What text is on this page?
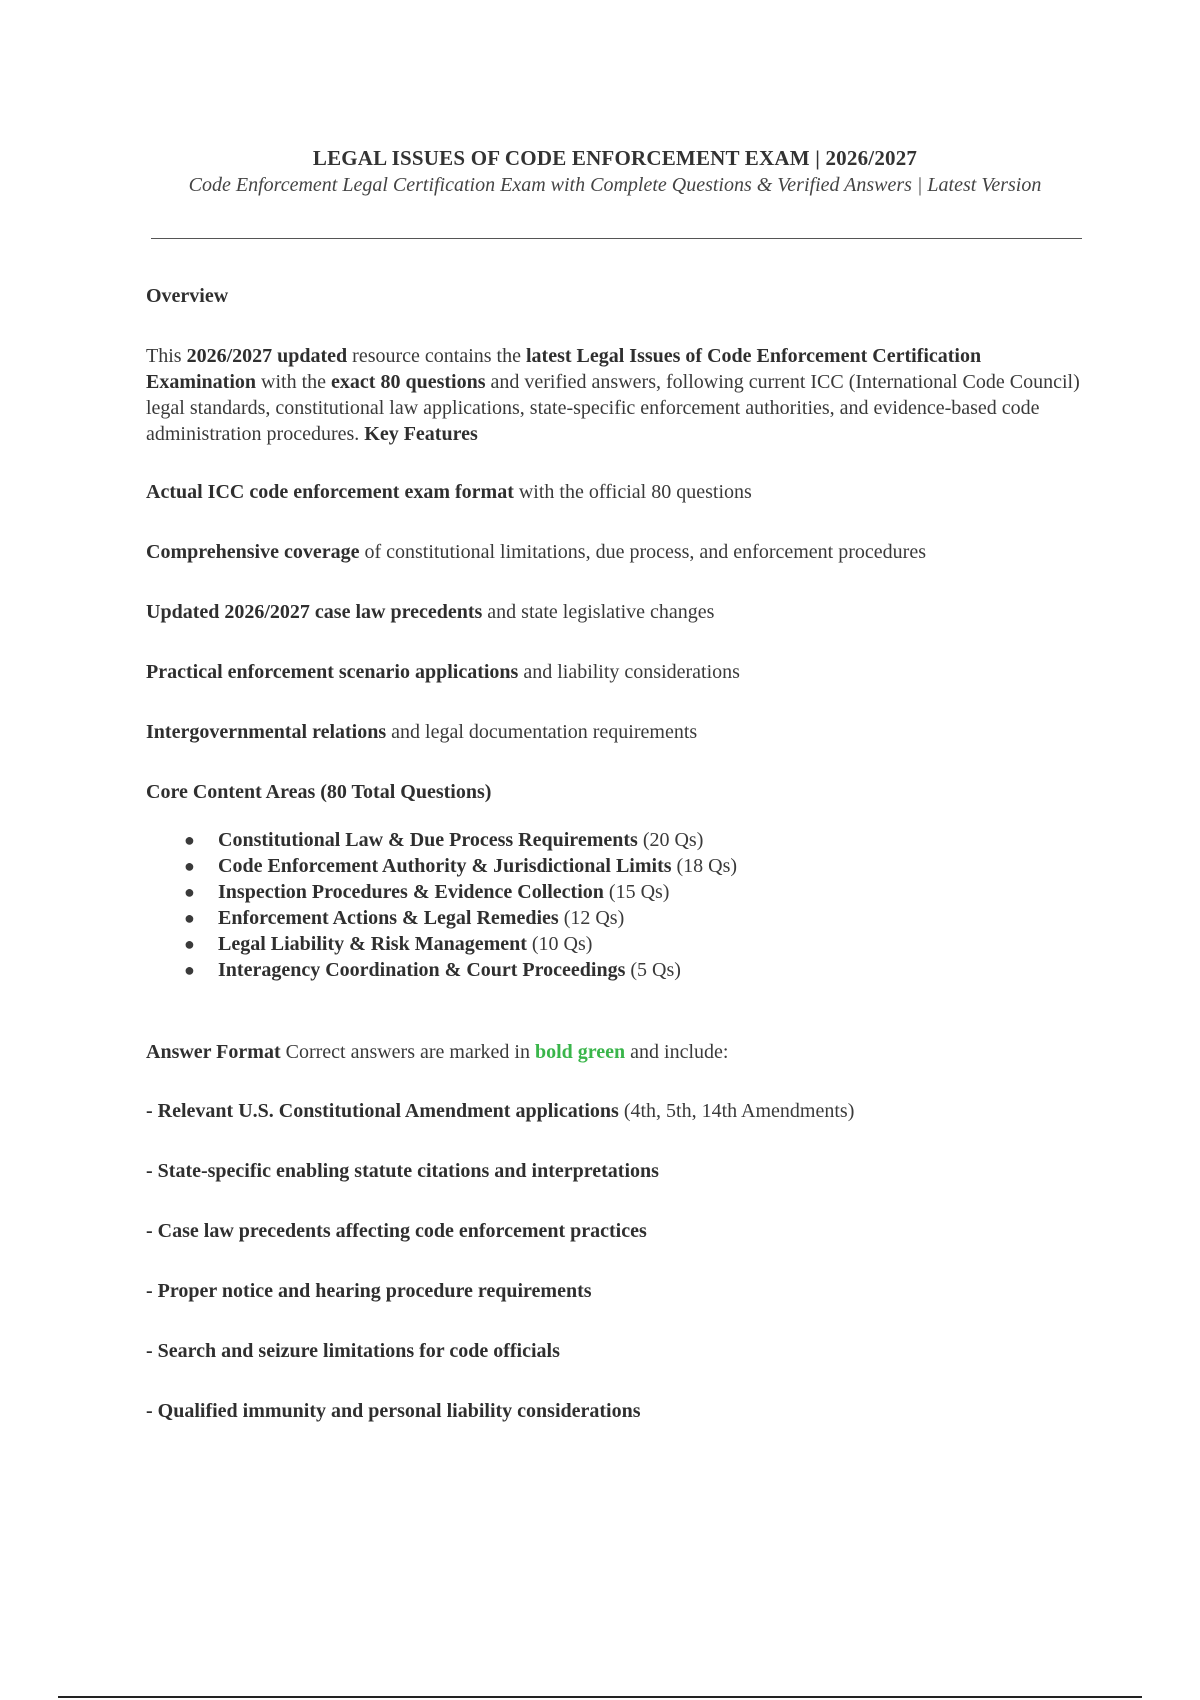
LEGAL ISSUES OF CODE ENFORCEMENT EXAM | 2026/2027
Code Enforcement Legal Certification Exam with Complete Questions & Verified Answers | Latest Version

Overview

This 2026/2027 updated resource contains the latest Legal Issues of Code Enforcement Certification Examination with the exact 80 questions and verified answers, following current ICC (International Code Council) legal standards, constitutional law applications, state-specific enforcement authorities, and evidence-based code administration procedures. Key Features

Actual ICC code enforcement exam format with the official 80 questions

Comprehensive coverage of constitutional limitations, due process, and enforcement procedures

Updated 2026/2027 case law precedents and state legislative changes

Practical enforcement scenario applications and liability considerations

Intergovernmental relations and legal documentation requirements

Core Content Areas (80 Total Questions)

● Constitutional Law & Due Process Requirements (20 Qs)
● Code Enforcement Authority & Jurisdictional Limits (18 Qs)
● Inspection Procedures & Evidence Collection (15 Qs)
● Enforcement Actions & Legal Remedies (12 Qs)
● Legal Liability & Risk Management (10 Qs)
● Interagency Coordination & Court Proceedings (5 Qs)

Answer Format Correct answers are marked in bold green and include:

- Relevant U.S. Constitutional Amendment applications (4th, 5th, 14th Amendments)

- State-specific enabling statute citations and interpretations

- Case law precedents affecting code enforcement practices

- Proper notice and hearing procedure requirements

- Search and seizure limitations for code officials

- Qualified immunity and personal liability considerations
